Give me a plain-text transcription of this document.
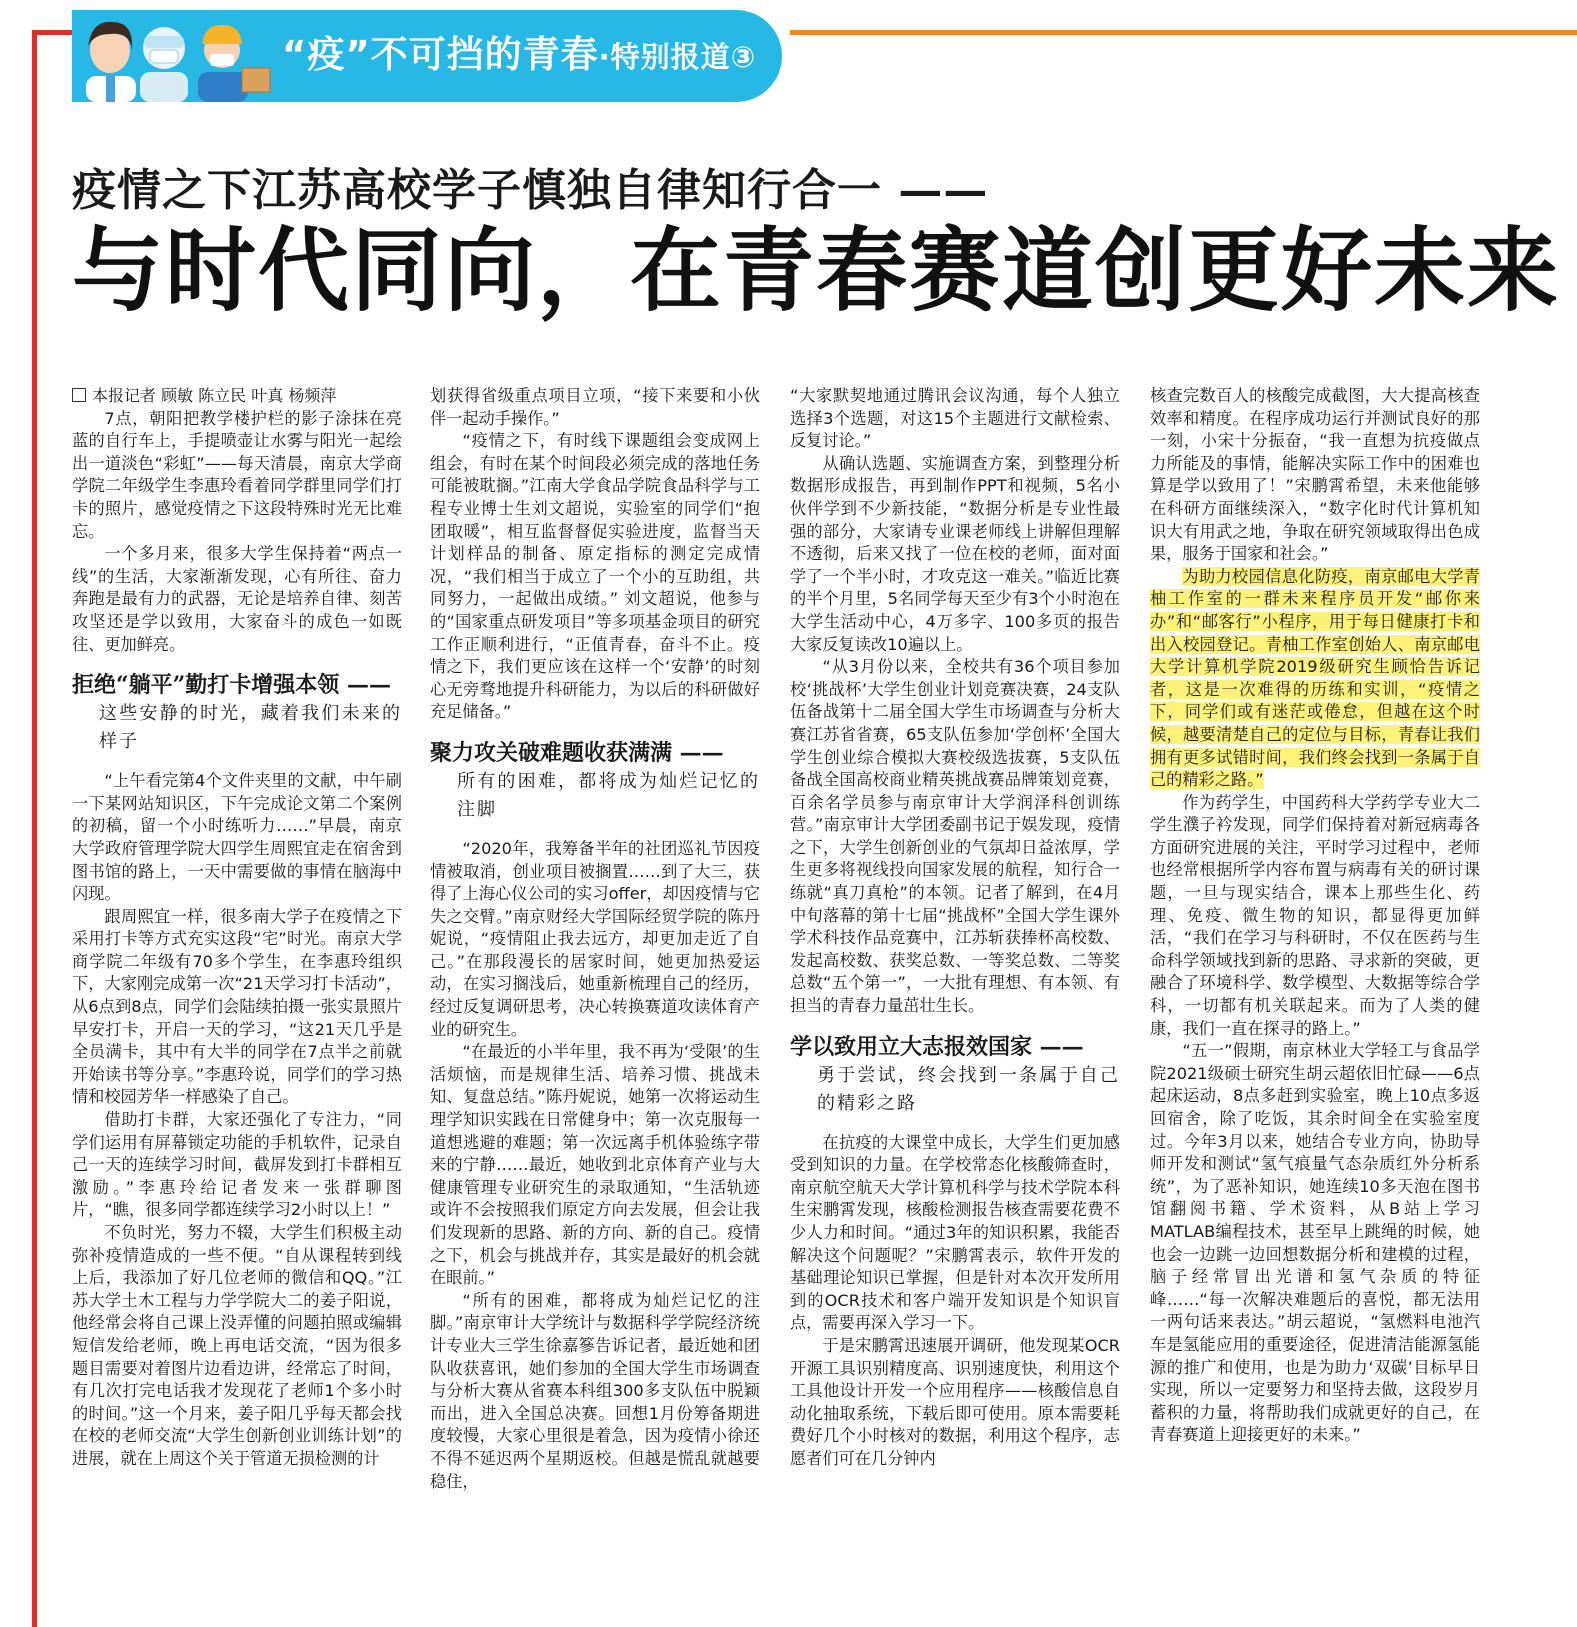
“疫”不可挡的青春·特别报道③
疫情之下江苏高校学子慎独自律知行合一 ——
与时代同向，在青春赛道创更好未来

本报记者 顾敏 陈立民 叶真 杨频萍

7点，朝阳把教学楼护栏的影子涂抹在亮蓝的自行车上，手提喷壶让水雾与阳光一起绘出一道淡色“彩虹”——每天清晨，南京大学商学院二年级学生李惠玲看着同学群里同学们打卡的照片，感觉疫情之下这段特殊时光无比难忘。

一个多月来，很多大学生保持着“两点一线”的生活，大家渐渐发现，心有所往、奋力奔跑是最有力的武器，无论是培养自律、刻苦攻坚还是学以致用，大家奋斗的成色一如既往、更加鲜亮。

拒绝“躺平”勤打卡增强本领 ——

这些安静的时光，藏着我们未来的样子

“上午看完第4个文件夹里的文献，中午刷一下某网站知识区，下午完成论文第二个案例的初稿，留一个小时练听力……”早晨，南京大学政府管理学院大四学生周熙宜走在宿舍到图书馆的路上，一天中需要做的事情在脑海中闪现。

跟周熙宜一样，很多南大学子在疫情之下采用打卡等方式充实这段“宅”时光。南京大学商学院二年级有70多个学生，在李惠玲组织下，大家刚完成第一次“21天学习打卡活动”，从6点到8点，同学们会陆续拍摄一张实景照片早安打卡，开启一天的学习，“这21天几乎是全员满卡，其中有大半的同学在7点半之前就开始读书等分享。”李惠玲说，同学们的学习热情和校园芳华一样感染了自己。

借助打卡群，大家还强化了专注力，“同学们运用有屏幕锁定功能的手机软件，记录自己一天的连续学习时间，截屏发到打卡群相互激励。”李惠玲给记者发来一张群聊图片，“瞧，很多同学都连续学习2小时以上！”

不负时光，努力不辍，大学生们积极主动弥补疫情造成的一些不便。“自从课程转到线上后，我添加了好几位老师的微信和QQ。”江苏大学土木工程与力学学院大二的姜子阳说，他经常会将自己课上没弄懂的问题拍照或编辑短信发给老师，晚上再电话交流，“因为很多题目需要对着图片边看边讲，经常忘了时间，有几次打完电话我才发现花了老师1个多小时的时间。”这一个月来，姜子阳几乎每天都会找在校的老师交流“大学生创新创业训练计划”的进展，就在上周这个关于管道无损检测的计

划获得省级重点项目立项，“接下来要和小伙伴一起动手操作。”

“疫情之下，有时线下课题组会变成网上组会，有时在某个时间段必须完成的落地任务可能被耽搁。”江南大学食品学院食品科学与工程专业博士生刘文超说，实验室的同学们“抱团取暖”，相互监督督促实验进度，监督当天计划样品的制备、原定指标的测定完成情况，“我们相当于成立了一个小的互助组，共同努力，一起做出成绩。” 刘文超说，他参与的“国家重点研发项目”等多项基金项目的研究工作正顺利进行，“正值青春，奋斗不止。疫情之下，我们更应该在这样一个‘安静’的时刻心无旁骛地提升科研能力，为以后的科研做好充足储备。”

聚力攻关破难题收获满满 ——

所有的困难，都将成为灿烂记忆的注脚

“2020年，我筹备半年的社团巡礼节因疫情被取消，创业项目被搁置……到了大三，获得了上海心仪公司的实习offer，却因疫情与它失之交臂。”南京财经大学国际经贸学院的陈丹妮说，“疫情阻止我去远方，却更加走近了自己。”在那段漫长的居家时间，她更加热爱运动，在实习搁浅后，她重新梳理自己的经历，经过反复调研思考，决心转换赛道攻读体育产业的研究生。

“在最近的小半年里，我不再为‘受限’的生活烦恼，而是规律生活、培养习惯、挑战未知、复盘总结。”陈丹妮说，她第一次将运动生理学知识实践在日常健身中；第一次克服每一道想逃避的难题；第一次远离手机体验练字带来的宁静……最近，她收到北京体育产业与大健康管理专业研究生的录取通知，“生活轨迹或许不会按照我们原定方向去发展，但会让我们发现新的思路、新的方向、新的自己。疫情之下，机会与挑战并存，其实是最好的机会就在眼前。”

“所有的困难，都将成为灿烂记忆的注脚。”南京审计大学统计与数据科学学院经济统计专业大三学生徐嘉篸告诉记者，最近她和团队收获喜讯，她们参加的全国大学生市场调查与分析大赛从省赛本科组300多支队伍中脱颖而出，进入全国总决赛。回想1月份筹备期进度较慢，大家心里很是着急，因为疫情小徐还不得不延迟两个星期返校。但越是慌乱就越要稳住，

“大家默契地通过腾讯会议沟通，每个人独立选择3个选题，对这15个主题进行文献检索、反复讨论。”

从确认选题、实施调查方案，到整理分析数据形成报告，再到制作PPT和视频，5名小伙伴学到不少新技能，“数据分析是专业性最强的部分，大家请专业课老师线上讲解但理解不透彻，后来又找了一位在校的老师，面对面学了一个半小时，才攻克这一难关。”临近比赛的半个月里，5名同学每天至少有3个小时泡在大学生活动中心，4万多字、100多页的报告大家反复读改10遍以上。

“从3月份以来，全校共有36个项目参加校‘挑战杯’大学生创业计划竞赛决赛，24支队伍备战第十二届全国大学生市场调查与分析大赛江苏省省赛，65支队伍参加‘学创杯’全国大学生创业综合模拟大赛校级选拔赛，5支队伍备战全国高校商业精英挑战赛品牌策划竞赛，百余名学员参与南京审计大学润泽科创训练营。”南京审计大学团委副书记于娱发现，疫情之下，大学生创新创业的气氛却日益浓厚，学生更多将视线投向国家发展的航程，知行合一练就“真刀真枪”的本领。记者了解到，在4月中旬落幕的第十七届“挑战杯”全国大学生课外学术科技作品竞赛中，江苏斩获捧杯高校数、发起高校数、获奖总数、一等奖总数、二等奖总数“五个第一”，一大批有理想、有本领、有担当的青春力量茁壮生长。

学以致用立大志报效国家 ——

勇于尝试，终会找到一条属于自己的精彩之路

在抗疫的大课堂中成长，大学生们更加感受到知识的力量。在学校常态化核酸筛查时，南京航空航天大学计算机科学与技术学院本科生宋鹏霄发现，核酸检测报告核查需要花费不少人力和时间。“通过3年的知识积累，我能否解决这个问题呢？”宋鹏霄表示，软件开发的基础理论知识已掌握，但是针对本次开发所用到的OCR技术和客户端开发知识是个知识盲点，需要再深入学习一下。

于是宋鹏霄迅速展开调研，他发现某OCR开源工具识别精度高、识别速度快，利用这个工具他设计开发一个应用程序——核酸信息自动化抽取系统，下载后即可使用。原本需要耗费好几个小时核对的数据，利用这个程序，志愿者们可在几分钟内

核查完数百人的核酸完成截图，大大提高核查效率和精度。在程序成功运行并测试良好的那一刻，小宋十分振奋，“我一直想为抗疫做点力所能及的事情，能解决实际工作中的困难也算是学以致用了！”宋鹏霄希望，未来他能够在科研方面继续深入，“数字化时代计算机知识大有用武之地，争取在研究领域取得出色成果，服务于国家和社会。”

为助力校园信息化防疫，南京邮电大学青柚工作室的一群未来程序员开发“邮你来办”和“邮客行”小程序，用于每日健康打卡和出入校园登记。青柚工作室创始人、南京邮电大学计算机学院2019级研究生顾恰告诉记者，这是一次难得的历练和实训，“疫情之下，同学们或有迷茫或倦怠，但越在这个时候，越要清楚自己的定位与目标，青春让我们拥有更多试错时间，我们终会找到一条属于自己的精彩之路。”

作为药学生，中国药科大学药学专业大二学生濮子衿发现，同学们保持着对新冠病毒各方面研究进展的关注，平时学习过程中，老师也经常根据所学内容布置与病毒有关的研讨课题，一旦与现实结合，课本上那些生化、药理、免疫、微生物的知识，都显得更加鲜活，“我们在学习与科研时，不仅在医药与生命科学领域找到新的思路、寻求新的突破，更融合了环境科学、数学模型、大数据等综合学科，一切都有机关联起来。而为了人类的健康，我们一直在探寻的路上。”

“五一”假期，南京林业大学轻工与食品学院2021级硕士研究生胡云超依旧忙碌——6点起床运动，8点多赶到实验室，晚上10点多返回宿舍，除了吃饭，其余时间全在实验室度过。今年3月以来，她结合专业方向，协助导师开发和测试“氢气痕量气态杂质红外分析系统”，为了恶补知识，她连续10多天泡在图书馆翻阅书籍、学术资料，从B站上学习MATLAB编程技术，甚至早上跳绳的时候，她也会一边跳一边回想数据分析和建模的过程，脑子经常冒出光谱和氢气杂质的特征峰……“每一次解决难题后的喜悦，都无法用一两句话来表达。”胡云超说，“氢燃料电池汽车是氢能应用的重要途径，促进清洁能源氢能源的推广和使用，也是为助力‘双碳’目标早日实现，所以一定要努力和坚持去做，这段岁月蓄积的力量，将帮助我们成就更好的自己，在青春赛道上迎接更好的未来。”
